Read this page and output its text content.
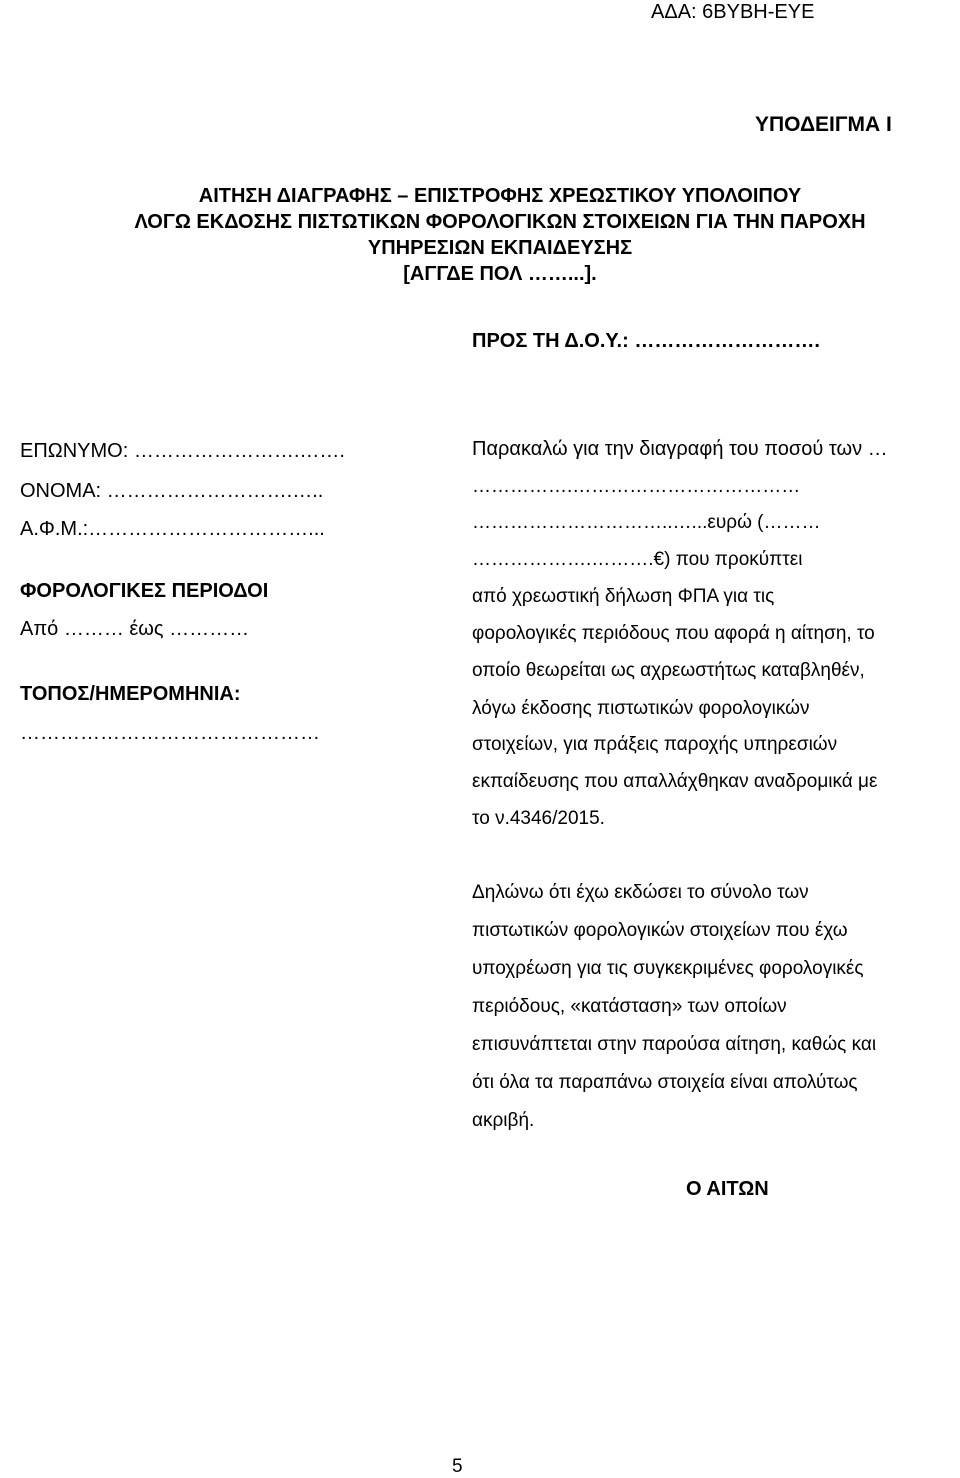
ΑΔΑ: 6ΒΥΒΗ-ΕΥΕ
ΥΠΟΔΕΙΓΜΑ Ι
ΑΙΤΗΣΗ ΔΙΑΓΡΑΦΗΣ – ΕΠΙΣΤΡΟΦΗΣ ΧΡΕΩΣΤΙΚΟΥ ΥΠΟΛΟΙΠΟΥ
ΛΟΓΩ ΕΚΔΟΣΗΣ ΠΙΣΤΩΤΙΚΩΝ ΦΟΡΟΛΟΓΙΚΩΝ ΣΤΟΙΧΕΙΩΝ ΓΙΑ ΤΗΝ ΠΑΡΟΧΗ
ΥΠΗΡΕΣΙΩΝ ΕΚΠΑΙΔΕΥΣΗΣ
[ΑΓΓΔΕ ΠΟΛ ……...].
ΠΡΟΣ ΤΗ Δ.Ο.Υ.: ……………………….
ΕΠΩΝΥΜΟ: …………………….…….
ΟΝΟΜΑ: ……………………….…..
Α.Φ.Μ.:……………………………...
ΦΟΡΟΛΟΓΙΚΕΣ ΠΕΡΙΟΔΟΙ
Από ……… έως …………
ΤΟΠΟΣ/ΗΜΕΡΟΜΗΝΙΑ:
………………………………………
Παρακαλώ για την διαγραφή του ποσού των …
…………….………………………………
…………………………..…...ευρώ (………
……………….……….€) που προκύπτει
από χρεωστική δήλωση ΦΠΑ για τις
φορολογικές περιόδους που αφορά η αίτηση, το
οποίο θεωρείται ως αχρεωστήτως καταβληθέν,
λόγω έκδοσης πιστωτικών φορολογικών
στοιχείων, για πράξεις παροχής υπηρεσιών
εκπαίδευσης που απαλλάχθηκαν αναδρομικά με
το ν.4346/2015.
Δηλώνω ότι έχω εκδώσει το σύνολο των
πιστωτικών φορολογικών στοιχείων που έχω
υποχρέωση για τις συγκεκριμένες φορολογικές
περιόδους, «κατάσταση» των οποίων
επισυνάπτεται στην παρούσα αίτηση, καθώς και
ότι όλα τα παραπάνω στοιχεία είναι απολύτως
ακριβή.
Ο ΑΙΤΩΝ
5
